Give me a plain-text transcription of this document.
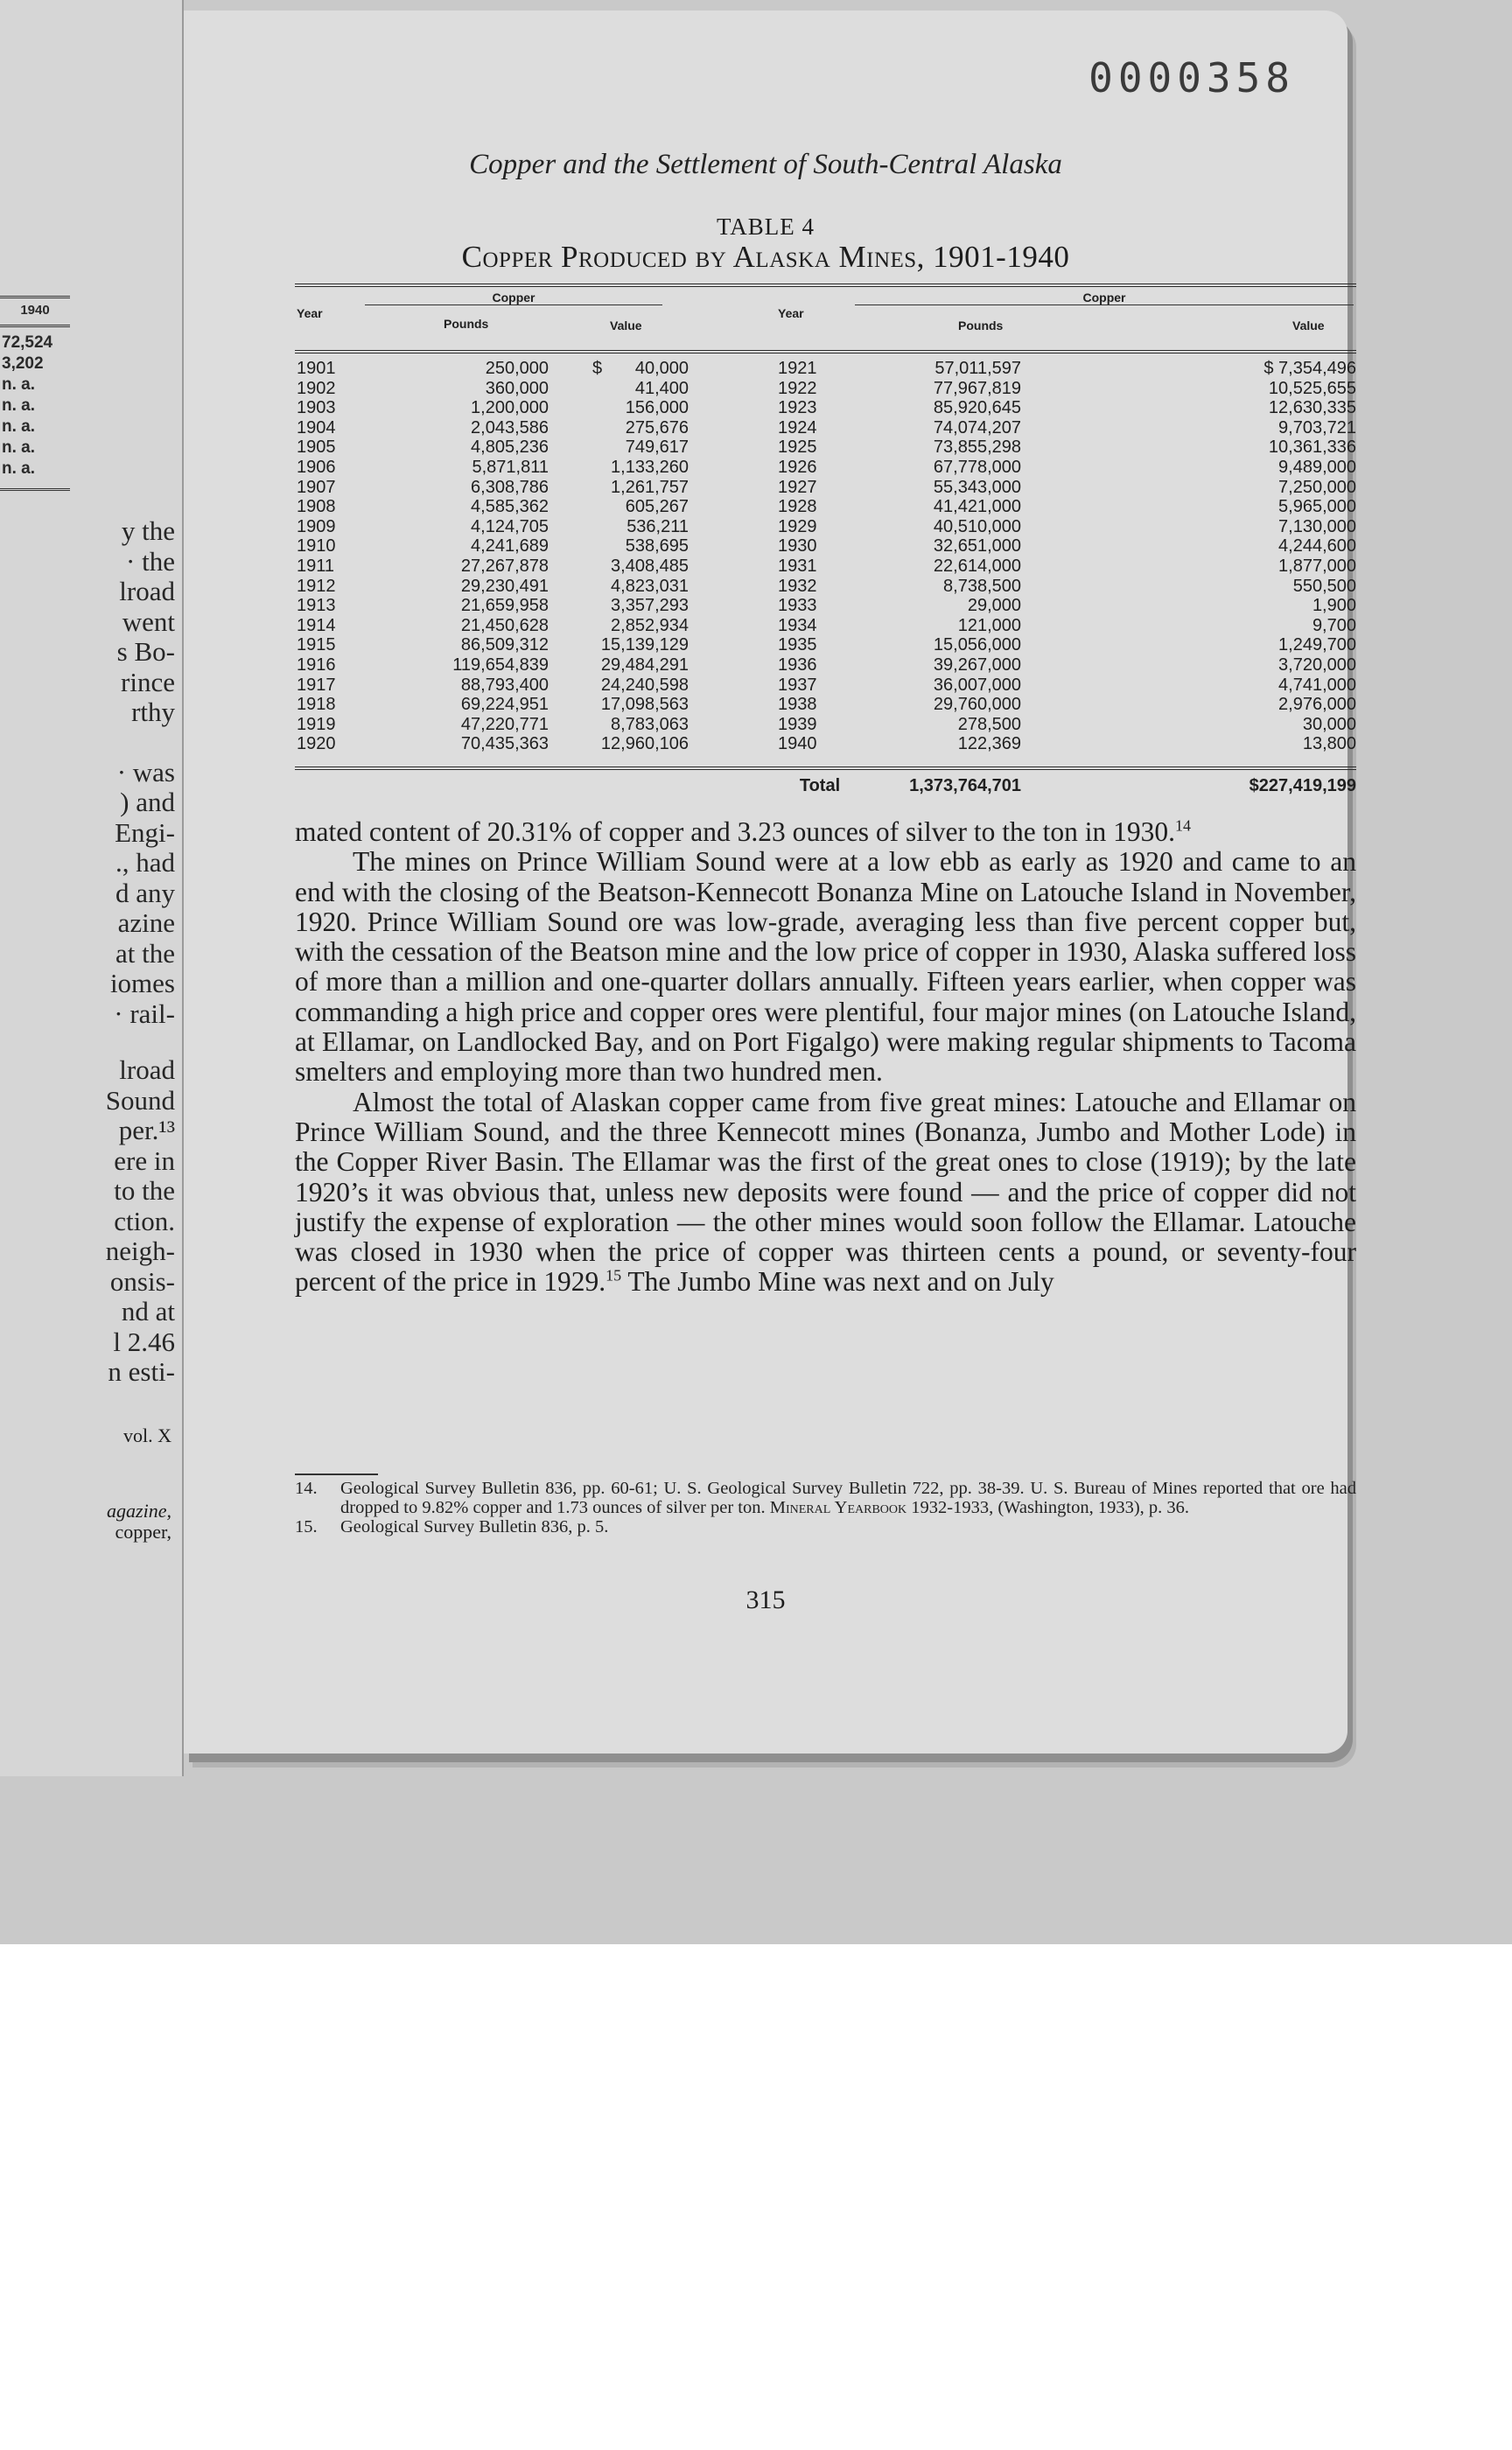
1940
72,524
3,202
n. a.
n. a.
n. a.
n. a.
n. a.
y the
· the
lroad
went
s Bo-
rince
rthy
· was
) and
Engi-
., had
d any
azine
at the
iomes
· rail-
lroad
Sound
per.¹³
ere in
to the
ction.
neigh-
onsis-
nd at
l 2.46
n esti-
vol. X
agazine,
copper,
0000358
Copper and the Settlement of South-Central Alaska
TABLE 4
Copper Produced by Alaska Mines, 1901-1940
Year
Copper
Pounds	Value
Year
Copper
Pounds	Value
1901	250,000	$	40,000	1921	57,011,597	$ 7,354,496
1902	360,000	41,400	1922	77,967,819	10,525,655
1903	1,200,000	156,000	1923	85,920,645	12,630,335
1904	2,043,586	275,676	1924	74,074,207	9,703,721
1905	4,805,236	749,617	1925	73,855,298	10,361,336
1906	5,871,811	1,133,260	1926	67,778,000	9,489,000
1907	6,308,786	1,261,757	1927	55,343,000	7,250,000
1908	4,585,362	605,267	1928	41,421,000	5,965,000
1909	4,124,705	536,211	1929	40,510,000	7,130,000
1910	4,241,689	538,695	1930	32,651,000	4,244,600
1911	27,267,878	3,408,485	1931	22,614,000	1,877,000
1912	29,230,491	4,823,031	1932	8,738,500	550,500
1913	21,659,958	3,357,293	1933	29,000	1,900
1914	21,450,628	2,852,934	1934	121,000	9,700
1915	86,509,312	15,139,129	1935	15,056,000	1,249,700
1916	119,654,839	29,484,291	1936	39,267,000	3,720,000
1917	88,793,400	24,240,598	1937	36,007,000	4,741,000
1918	69,224,951	17,098,563	1938	29,760,000	2,976,000
1919	47,220,771	8,783,063	1939	278,500	30,000
1920	70,435,363	12,960,106	1940	122,369	13,800
Total	1,373,764,701	$227,419,199

mated content of 20.31% of copper and 3.23 ounces of silver to the ton in 1930.14

The mines on Prince William Sound were at a low ebb as early as 1920 and came to an end with the closing of the Beatson-Kennecott Bonanza Mine on Latouche Island in November, 1920. Prince William Sound ore was low-grade, averaging less than five percent copper but, with the cessation of the Beatson mine and the low price of copper in 1930, Alaska suffered loss of more than a million and one-quarter dollars annually. Fifteen years earlier, when copper was commanding a high price and copper ores were plentiful, four major mines (on Latouche Island, at Ellamar, on Landlocked Bay, and on Port Figalgo) were making regular shipments to Tacoma smelters and employing more than two hundred men.

Almost the total of Alaskan copper came from five great mines: Latouche and Ellamar on Prince William Sound, and the three Kennecott mines (Bonanza, Jumbo and Mother Lode) in the Copper River Basin. The Ellamar was the first of the great ones to close (1919); by the late 1920’s it was obvious that, unless new deposits were found — and the price of copper did not justify the expense of exploration — the other mines would soon follow the Ellamar. Latouche was closed in 1930 when the price of copper was thirteen cents a pound, or seventy-four percent of the price in 1929.15 The Jumbo Mine was next and on July

14. Geological Survey Bulletin 836, pp. 60-61; U. S. Geological Survey Bulletin 722, pp. 38-39. U. S. Bureau of Mines reported that ore had dropped to 9.82% copper and 1.73 ounces of silver per ton. Mineral Yearbook 1932-1933, (Washington, 1933), p. 36.
15. Geological Survey Bulletin 836, p. 5.
315
